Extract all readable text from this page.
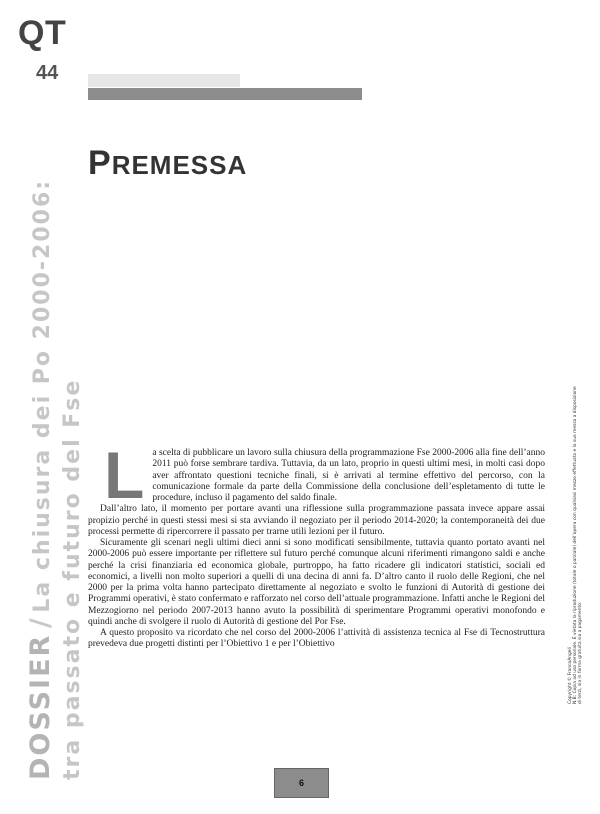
QT
44
PREMESSA
DOSSIER / La chiusura dei Po 2000-2006: tra passato e futuro del Fse La scelta di pubblicare un lavoro sulla chiusura della programmazione Fse 2000-2006 alla fine dell’anno 2011 può forse sembrare tardiva. Tuttavia, da un lato, proprio in questi ultimi mesi, in molti casi dopo aver affrontato questioni tecniche finali, si è arrivati al termine effettivo del percorso, con la comunicazione formale da parte della Commissione della conclusione dell’espletamento di tutte le procedure, incluso il pagamento del saldo finale.

Dall’altro lato, il momento per portare avanti una riflessione sulla programmazione passata invece appare assai propizio perché in questi stessi mesi si sta avviando il negoziato per il periodo 2014-2020; la contemporaneità dei due processi permette di ripercorrere il passato per trarne utili lezioni per il futuro.

Sicuramente gli scenari negli ultimi dieci anni si sono modificati sensibilmente, tuttavia quanto portato avanti nel 2000-2006 può essere importante per riflettere sul futuro perché comunque alcuni riferimenti rimangono saldi e anche perché la crisi finanziaria ed economica globale, purtroppo, ha fatto ricadere gli indicatori statistici, sociali ed economici, a livelli non molto superiori a quelli di una decina di anni fa. D’altro canto il ruolo delle Regioni, che nel 2000 per la prima volta hanno partecipato direttamente al negoziato e svolto le funzioni di Autorità di gestione dei Programmi operativi, è stato confermato e rafforzato nel corso dell’attuale programmazione. Infatti anche le Regioni del Mezzogiorno nel periodo 2007-2013 hanno avuto la possibilità di sperimentare Programmi operativi monofondo e quindi anche di svolgere il ruolo di Autorità di gestione del Por Fse.

A questo proposito va ricordato che nel corso del 2000-2006 l’attività di assistenza tecnica al Fse di Tecnostruttura prevedeva due progetti distinti per l’Obiettivo 1 e per l’Obiettivo

6
Copyright © FrancoAngeli N.B: Copia ad uso personale. È vietata la riproduzione (totale o parziale) dell’opera con qualsiasi mezzo effettuata e la sua messa a disposizione di terzi, sia in forma gratuita sia a pagamento.
